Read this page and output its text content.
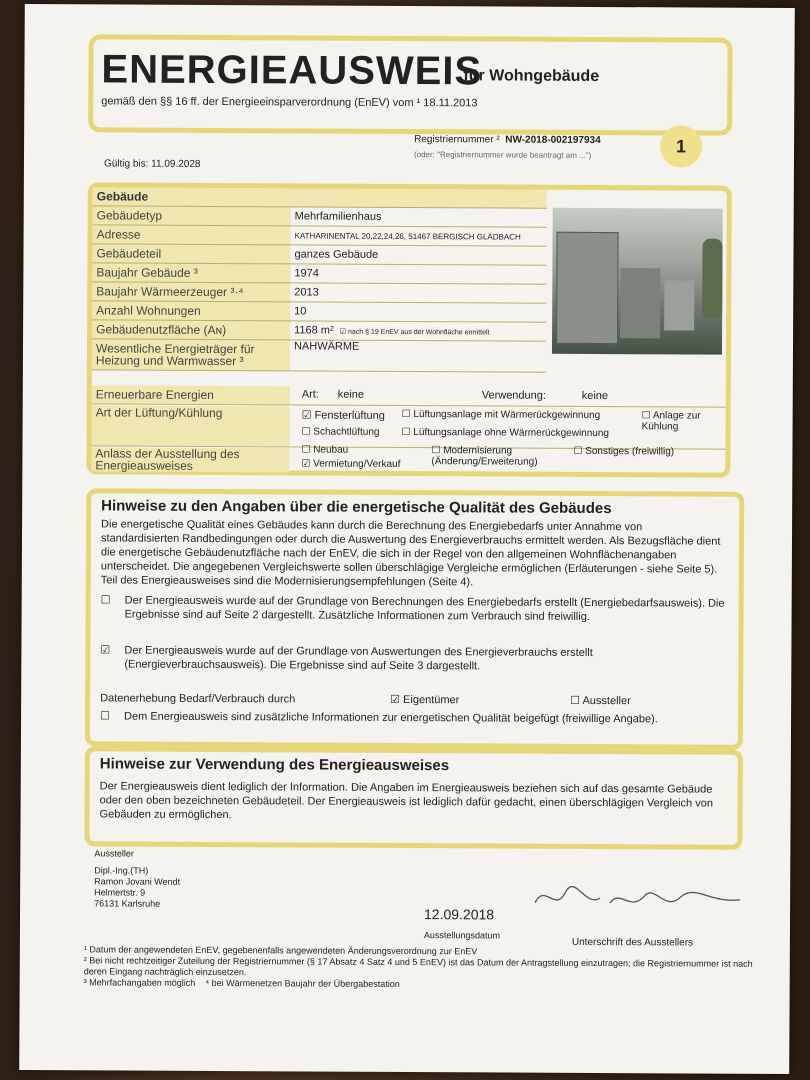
ENERGIEAUSWEIS
für Wohngebäude
gemäß den §§ 16 ff. der Energieeinsparverordnung (EnEV) vom ¹ 18.11.2013
Registriernummer ² NW-2018-002197934
(oder: "Registriernummer wurde beantragt am ...")
Gültig bis: 11.09.2028
1
Gebäude	
Gebäudetyp	Mehrfamilienhaus
Adresse	KATHARINENTAL 20,22,24,26, 51467 BERGISCH GLADBACH
Gebäudeteil	ganzes Gebäude
Baujahr Gebäude ³	1974
Baujahr Wärmeerzeuger ³·⁴	2013
Anzahl Wohnungen	10
Gebäudenutzfläche (Aɴ)	1168 m² ☑ nach § 19 EnEV aus der Wohnfläche ermittelt
Wesentliche Energieträger für Heizung und Warmwasser ³	NAHWÄRME
Erneuerbare Energien	Art: keine	Verwendung:	keine
Art der Lüftung/Kühlung	☑ Fensterlüftung ☐ Lüftungsanlage mit Wärmerückgewinnung	☐ Anlage zur Kühlung
☐ Schachtlüftung ☐ Lüftungsanlage ohne Wärmerückgewinnung
Anlass der Ausstellung des Energieausweises
☐ Neubau	☐ Modernisierung (Änderung/Erweiterung)
☐ Sonstiges (freiwillig)
☑ Vermietung/Verkauf
Hinweise zu den Angaben über die energetische Qualität des Gebäudes
Die energetische Qualität eines Gebäudes kann durch die Berechnung des Energiebedarfs unter Annahme von standardisierten Randbedingungen oder durch die Auswertung des Energieverbrauchs ermittelt werden. Als Bezugsfläche dient die energetische Gebäudenutzfläche nach der EnEV, die sich in der Regel von den allgemeinen Wohnflächenangaben unterscheidet. Die angegebenen Vergleichswerte sollen überschlägige Vergleiche ermöglichen (Erläuterungen - siehe Seite 5). Teil des Energieausweises sind die Modernisierungsempfehlungen (Seite 4).
☐ Der Energieausweis wurde auf der Grundlage von Berechnungen des Energiebedarfs erstellt (Energiebedarfsausweis). Die Ergebnisse sind auf Seite 2 dargestellt. Zusätzliche Informationen zum Verbrauch sind freiwillig.
☑ Der Energieausweis wurde auf der Grundlage von Auswertungen des Energieverbrauchs erstellt (Energieverbrauchsausweis). Die Ergebnisse sind auf Seite 3 dargestellt.
Datenerhebung Bedarf/Verbrauch durch	☑ Eigentümer	☐ Aussteller
☐ Dem Energieausweis sind zusätzliche Informationen zur energetischen Qualität beigefügt (freiwillige Angabe).
Hinweise zur Verwendung des Energieausweises
Der Energieausweis dient lediglich der Information. Die Angaben im Energieausweis beziehen sich auf das gesamte Gebäude oder den oben bezeichneten Gebäudeteil. Der Energieausweis ist lediglich dafür gedacht, einen überschlägigen Vergleich von Gebäuden zu ermöglichen.
Aussteller
Dipl.-Ing.(TH)
Ramon Jovani Wendt
Helmertstr. 9
76131 Karlsruhe
12.09.2018
Ausstellungsdatum
Unterschrift des Ausstellers
¹ Datum der angewendeten EnEV, gegebenenfalls angewendeten Änderungsverordnung zur EnEV
² Bei nicht rechtzeitiger Zuteilung der Registriernummer (§ 17 Absatz 4 Satz 4 und 5 EnEV) ist das Datum der Antragstellung einzutragen; die Registriernummer ist nach deren Eingang nachträglich einzusetzen.
³ Mehrfachangaben möglich ⁴ bei Wärmenetzen Baujahr der Übergabestation
